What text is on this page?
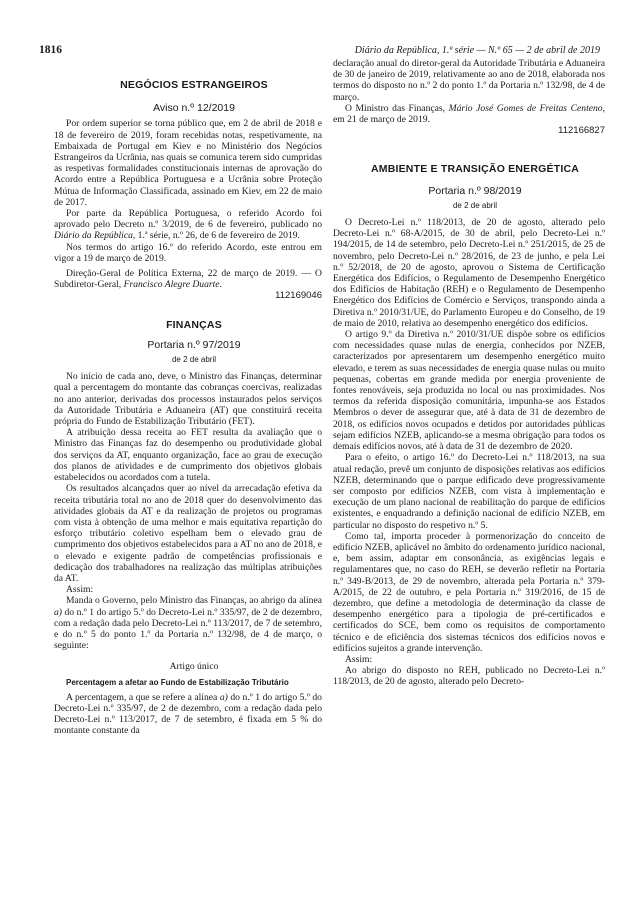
1816	Diário da República, 1.ª série — N.º 65 — 2 de abril de 2019

NEGÓCIOS ESTRANGEIROS

Aviso n.º 12/2019

Por ordem superior se torna público que, em 2 de abril de 2018 e 18 de fevereiro de 2019, foram recebidas notas, respetivamente, na Embaixada de Portugal em Kiev e no Ministério dos Negócios Estrangeiros da Ucrânia, nas quais se comunica terem sido cumpridas as respetivas formalidades constitucionais internas de aprovação do Acordo entre a República Portuguesa e a Ucrânia sobre Proteção Mútua de Informação Classificada, assinado em Kiev, em 22 de maio de 2017.

Por parte da República Portuguesa, o referido Acordo foi aprovado pelo Decreto n.º 3/2019, de 6 de fevereiro, publicado no Diário da República, 1.ª série, n.º 26, de 6 de fevereiro de 2019.

Nos termos do artigo 16.º do referido Acordo, este entrou em vigor a 19 de março de 2019.

Direção-Geral de Política Externa, 22 de março de 2019. — O Subdiretor-Geral, Francisco Alegre Duarte.

112169046

FINANÇAS

Portaria n.º 97/2019

de 2 de abril

No início de cada ano, deve, o Ministro das Finanças, determinar qual a percentagem do montante das cobranças coercivas, realizadas no ano anterior, derivadas dos processos instaurados pelos serviços da Autoridade Tributária e Aduaneira (AT) que constituirá receita própria do Fundo de Estabilização Tributário (FET).

A atribuição dessa receita ao FET resulta da avaliação que o Ministro das Finanças faz do desempenho ou produtividade global dos serviços da AT, enquanto organização, face ao grau de execução dos planos de atividades e de cumprimento dos objetivos globais estabelecidos ou acordados com a tutela.

Os resultados alcançados quer ao nível da arrecadação efetiva da receita tributária total no ano de 2018 quer do desenvolvimento das atividades globais da AT e da realização de projetos ou programas com vista à obtenção de uma melhor e mais equitativa repartição do esforço tributário coletivo espelham bem o elevado grau de cumprimento dos objetivos estabelecidos para a AT no ano de 2018, e o elevado e exigente padrão de competências profissionais e dedicação dos trabalhadores na realização das múltiplas atribuições da AT.

Assim:

Manda o Governo, pelo Ministro das Finanças, ao abrigo da alínea a) do n.º 1 do artigo 5.º do Decreto-Lei n.º 335/97, de 2 de dezembro, com a redação dada pelo Decreto-Lei n.º 113/2017, de 7 de setembro, e do n.º 5 do ponto 1.º da Portaria n.º 132/98, de 4 de março, o seguinte:

Artigo único

Percentagem a afetar ao Fundo de Estabilização Tributário

A percentagem, a que se refere a alínea a) do n.º 1 do artigo 5.º do Decreto-Lei n.º 335/97, de 2 de dezembro, com a redação dada pelo Decreto-Lei n.º 113/2017, de 7 de setembro, é fixada em 5 % do montante constante da

declaração anual do diretor-geral da Autoridade Tributária e Aduaneira de 30 de janeiro de 2019, relativamente ao ano de 2018, elaborada nos termos do disposto no n.º 2 do ponto 1.º da Portaria n.º 132/98, de 4 de março.

O Ministro das Finanças, Mário José Gomes de Freitas Centeno, em 21 de março de 2019.

112166827

AMBIENTE E TRANSIÇÃO ENERGÉTICA

Portaria n.º 98/2019

de 2 de abril

O Decreto-Lei n.º 118/2013, de 20 de agosto, alterado pelo Decreto-Lei n.º 68-A/2015, de 30 de abril, pelo Decreto-Lei n.º 194/2015, de 14 de setembro, pelo Decreto-Lei n.º 251/2015, de 25 de novembro, pelo Decreto-Lei n.º 28/2016, de 23 de junho, e pela Lei n.º 52/2018, de 20 de agosto, aprovou o Sistema de Certificação Energética dos Edifícios, o Regulamento de Desempenho Energético dos Edifícios de Habitação (REH) e o Regulamento de Desempenho Energético dos Edifícios de Comércio e Serviços, transpondo ainda a Diretiva n.º 2010/31/UE, do Parlamento Europeu e do Conselho, de 19 de maio de 2010, relativa ao desempenho energético dos edifícios.

O artigo 9.º da Diretiva n.º 2010/31/UE dispõe sobre os edifícios com necessidades quase nulas de energia, conhecidos por NZEB, caracterizados por apresentarem um desempenho energético muito elevado, e terem as suas necessidades de energia quase nulas ou muito pequenas, cobertas em grande medida por energia proveniente de fontes renováveis, seja produzida no local ou nas proximidades. Nos termos da referida disposição comunitária, impunha-se aos Estados Membros o dever de assegurar que, até à data de 31 de dezembro de 2018, os edifícios novos ocupados e detidos por autoridades públicas sejam edifícios NZEB, aplicando-se a mesma obrigação para todos os demais edifícios novos, até à data de 31 de dezembro de 2020.

Para o efeito, o artigo 16.º do Decreto-Lei n.º 118/2013, na sua atual redação, prevê um conjunto de disposições relativas aos edifícios NZEB, determinando que o parque edificado deve progressivamente ser composto por edifícios NZEB, com vista à implementação e execução de um plano nacional de reabilitação do parque de edifícios existentes, e enquadrando a definição nacional de edifício NZEB, em particular no disposto do respetivo n.º 5.

Como tal, importa proceder à pormenorização do conceito de edifício NZEB, aplicável no âmbito do ordenamento jurídico nacional, e, bem assim, adaptar em consonância, as exigências legais e regulamentares que, no caso do REH, se deverão refletir na Portaria n.º 349-B/2013, de 29 de novembro, alterada pela Portaria n.º 379-A/2015, de 22 de outubro, e pela Portaria n.º 319/2016, de 15 de dezembro, que define a metodologia de determinação da classe de desempenho energético para a tipologia de pré-certificados e certificados do SCE, bem como os requisitos de comportamento técnico e de eficiência dos sistemas técnicos dos edifícios novos e edifícios sujeitos a grande intervenção.

Assim:

Ao abrigo do disposto no REH, publicado no Decreto-Lei n.º 118/2013, de 20 de agosto, alterado pelo Decreto-
